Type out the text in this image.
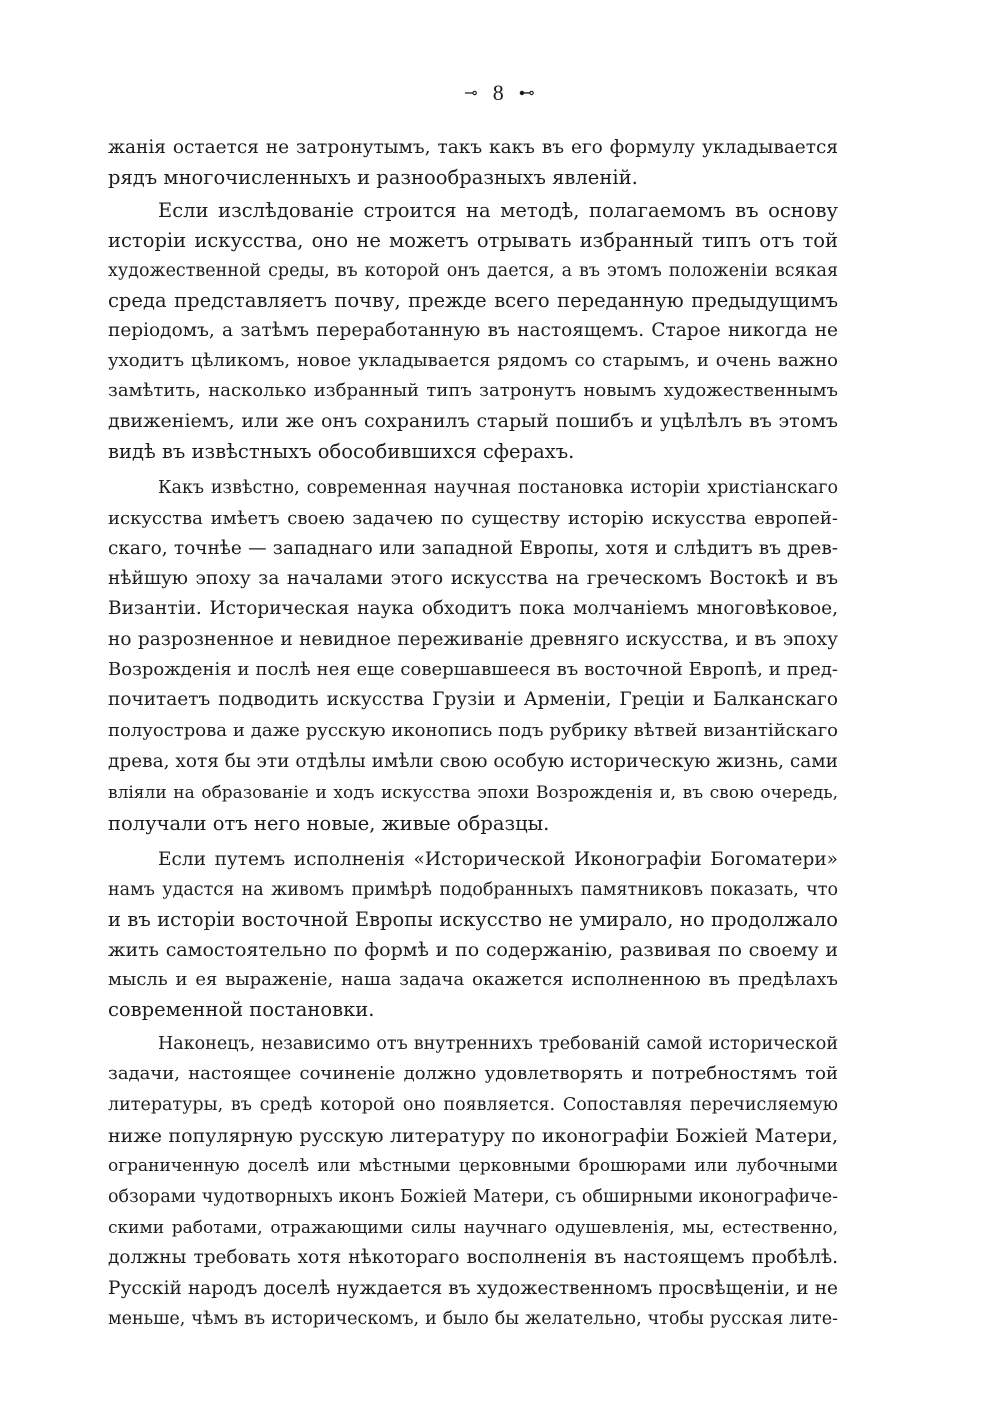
⊸ 8 ⊷
жанія остается не затронутымъ, такъ какъ въ его формулу укладывается
рядъ многочисленныхъ и разнообразныхъ явленій.
Если изслѣдованіе строится на методѣ, полагаемомъ въ основу
исторіи искусства, оно не можетъ отрывать избранный типъ отъ той
художественной среды, въ которой онъ дается, а въ этомъ положеніи всякая
среда представляетъ почву, прежде всего переданную предыдущимъ
періодомъ, а затѣмъ переработанную въ настоящемъ. Старое никогда не
уходитъ цѣликомъ, новое укладывается рядомъ со старымъ, и очень важно
замѣтить, насколько избранный типъ затронутъ новымъ художественнымъ
движеніемъ, или же онъ сохранилъ старый пошибъ и уцѣлѣлъ въ этомъ
видѣ въ извѣстныхъ обособившихся сферахъ.
Какъ извѣстно, современная научная постановка исторіи христіанскаго
искусства имѣетъ своею задачею по существу исторію искусства европей-
скаго, точнѣе — западнаго или западной Европы, хотя и слѣдитъ въ древ-
нѣйшую эпоху за началами этого искусства на греческомъ Востокѣ и въ
Византіи. Историческая наука обходитъ пока молчаніемъ многовѣковое,
но разрозненное и невидное переживаніе древняго искусства, и въ эпоху
Возрожденія и послѣ нея еще совершавшееся въ восточной Европѣ, и пред-
почитаетъ подводить искусства Грузіи и Арменіи, Греціи и Балканскаго
полуострова и даже русскую иконопись подъ рубрику вѣтвей византійскаго
древа, хотя бы эти отдѣлы имѣли свою особую историческую жизнь, сами
вліяли на образованіе и ходъ искусства эпохи Возрожденія и, въ свою очередь,
получали отъ него новые, живые образцы.
Если путемъ исполненія «Исторической Иконографіи Богоматери»
намъ удастся на живомъ примѣрѣ подобранныхъ памятниковъ показать, что
и въ исторіи восточной Европы искусство не умирало, но продолжало
жить самостоятельно по формѣ и по содержанію, развивая по своему и
мысль и ея выраженіе, наша задача окажется исполненною въ предѣлахъ
современной постановки.
Наконецъ, независимо отъ внутреннихъ требованій самой исторической
задачи, настоящее сочиненіе должно удовлетворять и потребностямъ той
литературы, въ средѣ которой оно появляется. Сопоставляя перечисляемую
ниже популярную русскую литературу по иконографіи Божіей Матери,
ограниченную доселѣ или мѣстными церковными брошюрами или лубочными
обзорами чудотворныхъ иконъ Божіей Матери, съ обширными иконографиче-
скими работами, отражающими силы научнаго одушевленія, мы, естественно,
должны требовать хотя нѣкотораго восполненія въ настоящемъ пробѣлѣ.
Русскій народъ доселѣ нуждается въ художественномъ просвѣщеніи, и не
меньше, чѣмъ въ историческомъ, и было бы желательно, чтобы русская лите-
